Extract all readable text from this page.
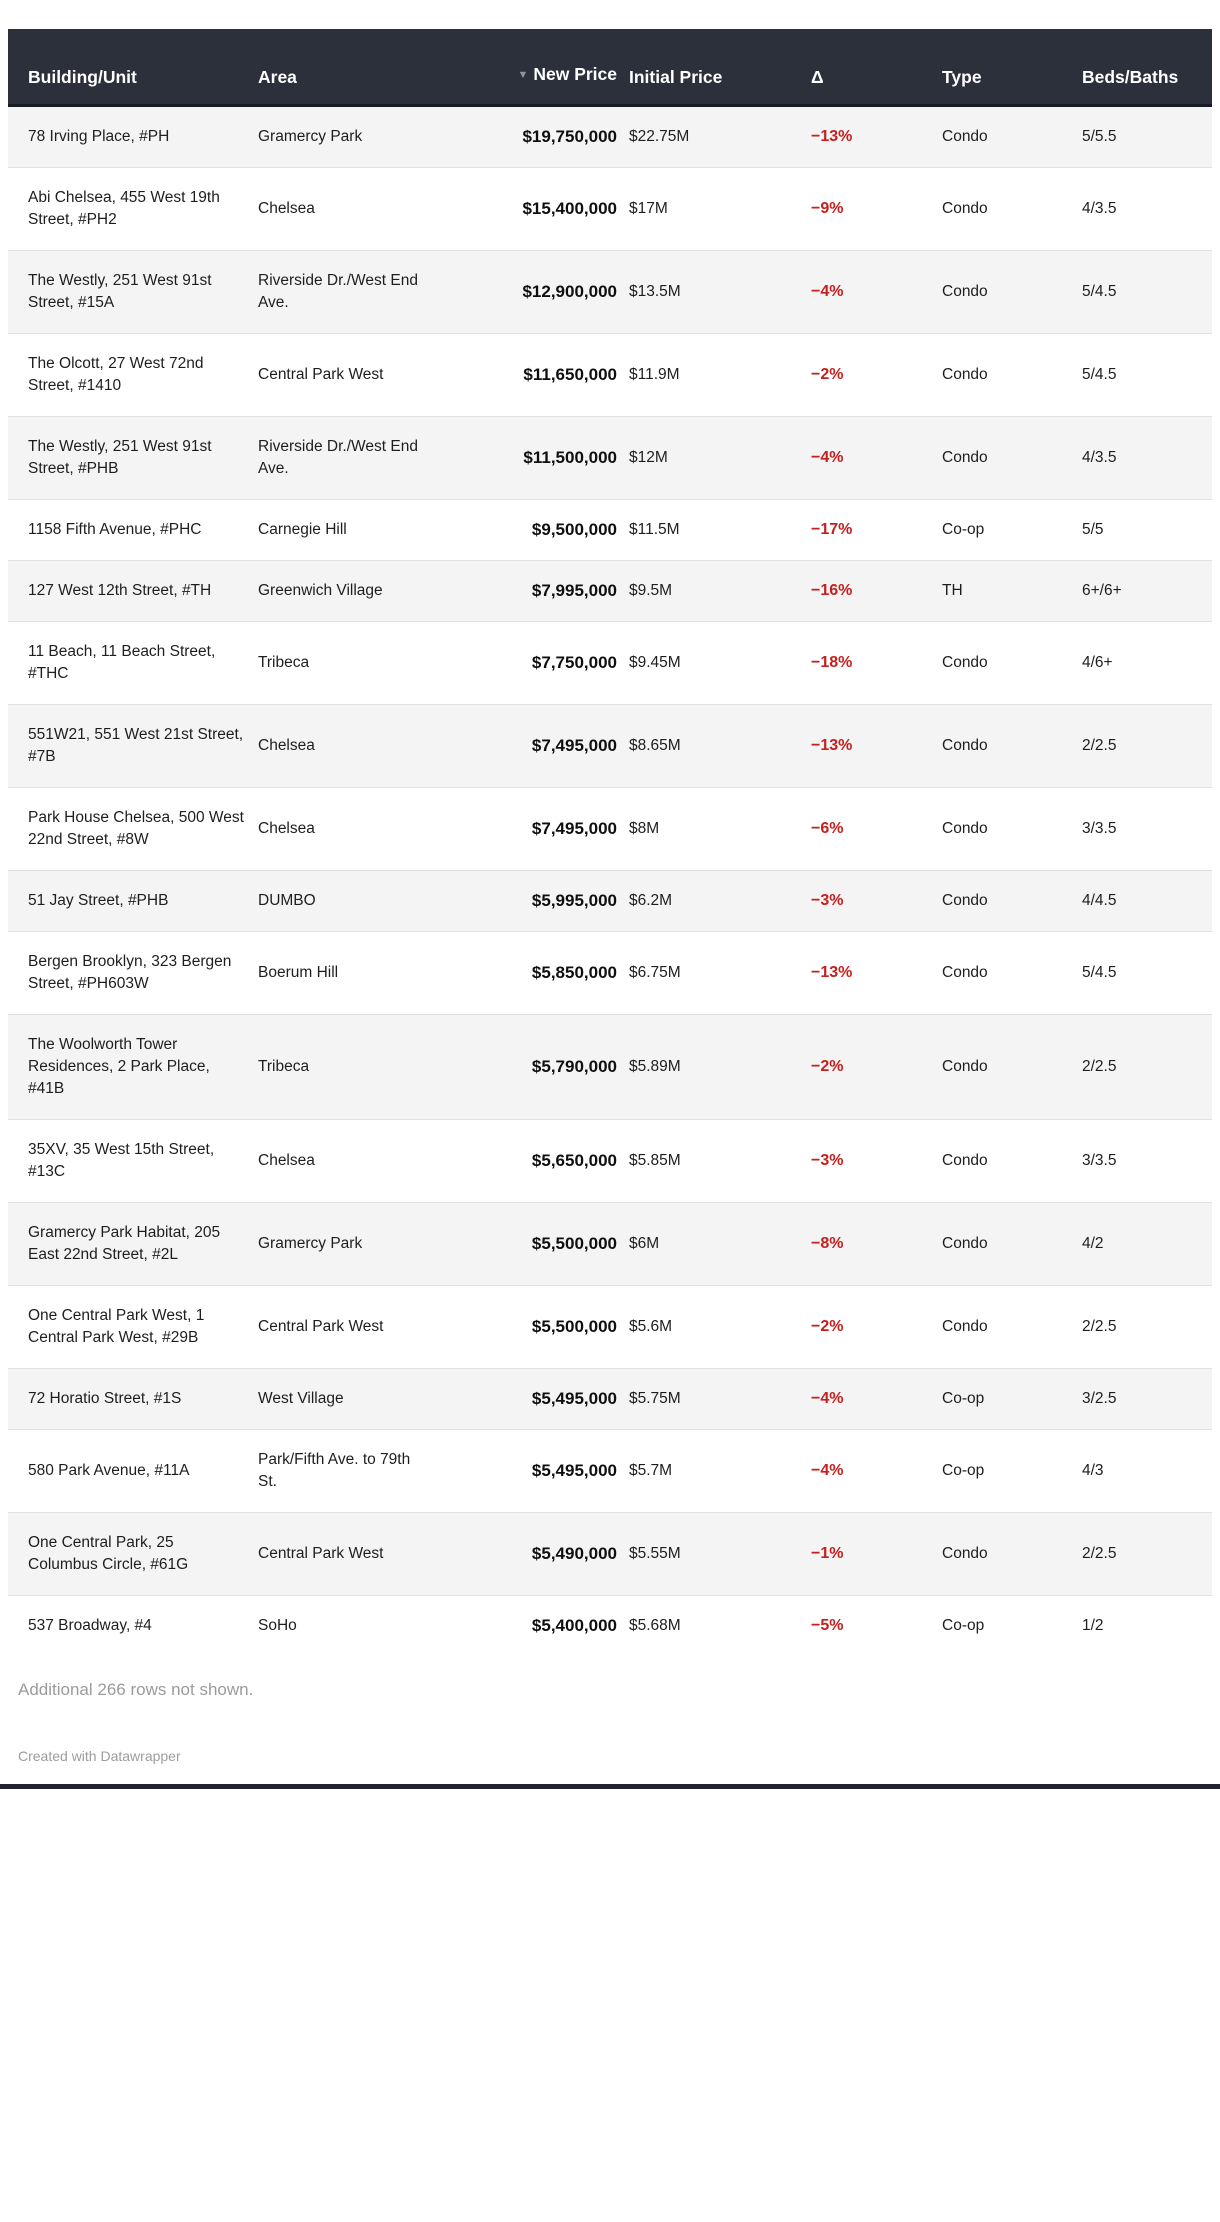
Building/Unit	Area	▼ New Price	Initial Price	Δ	Type	Beds/Baths
78 Irving Place, #PH	Gramercy Park	$19,750,000	$22.75M	−13%	Condo	5/5.5
Abi Chelsea, 455 West 19th Street, #PH2	Chelsea	$15,400,000	$17M	−9%	Condo	4/3.5
The Westly, 251 West 91st Street, #15A	Riverside Dr./West End Ave.	$12,900,000	$13.5M	−4%	Condo	5/4.5
The Olcott, 27 West 72nd Street, #1410	Central Park West	$11,650,000	$11.9M	−2%	Condo	5/4.5
The Westly, 251 West 91st Street, #PHB	Riverside Dr./West End Ave.	$11,500,000	$12M	−4%	Condo	4/3.5
1158 Fifth Avenue, #PHC	Carnegie Hill	$9,500,000	$11.5M	−17%	Co-op	5/5
127 West 12th Street, #TH	Greenwich Village	$7,995,000	$9.5M	−16%	TH	6+/6+
11 Beach, 11 Beach Street, #THC	Tribeca	$7,750,000	$9.45M	−18%	Condo	4/6+
551W21, 551 West 21st Street, #7B	Chelsea	$7,495,000	$8.65M	−13%	Condo	2/2.5
Park House Chelsea, 500 West 22nd Street, #8W	Chelsea	$7,495,000	$8M	−6%	Condo	3/3.5
51 Jay Street, #PHB	DUMBO	$5,995,000	$6.2M	−3%	Condo	4/4.5
Bergen Brooklyn, 323 Bergen Street, #PH603W	Boerum Hill	$5,850,000	$6.75M	−13%	Condo	5/4.5
The Woolworth Tower Residences, 2 Park Place, #41B	Tribeca	$5,790,000	$5.89M	−2%	Condo	2/2.5
35XV, 35 West 15th Street, #13C	Chelsea	$5,650,000	$5.85M	−3%	Condo	3/3.5
Gramercy Park Habitat, 205 East 22nd Street, #2L	Gramercy Park	$5,500,000	$6M	−8%	Condo	4/2
One Central Park West, 1 Central Park West, #29B	Central Park West	$5,500,000	$5.6M	−2%	Condo	2/2.5
72 Horatio Street, #1S	West Village	$5,495,000	$5.75M	−4%	Co-op	3/2.5
580 Park Avenue, #11A	Park/Fifth Ave. to 79th St.	$5,495,000	$5.7M	−4%	Co-op	4/3
One Central Park, 25 Columbus Circle, #61G	Central Park West	$5,490,000	$5.55M	−1%	Condo	2/2.5
537 Broadway, #4	SoHo	$5,400,000	$5.68M	−5%	Co-op	1/2
Additional 266 rows not shown.
Created with Datawrapper
